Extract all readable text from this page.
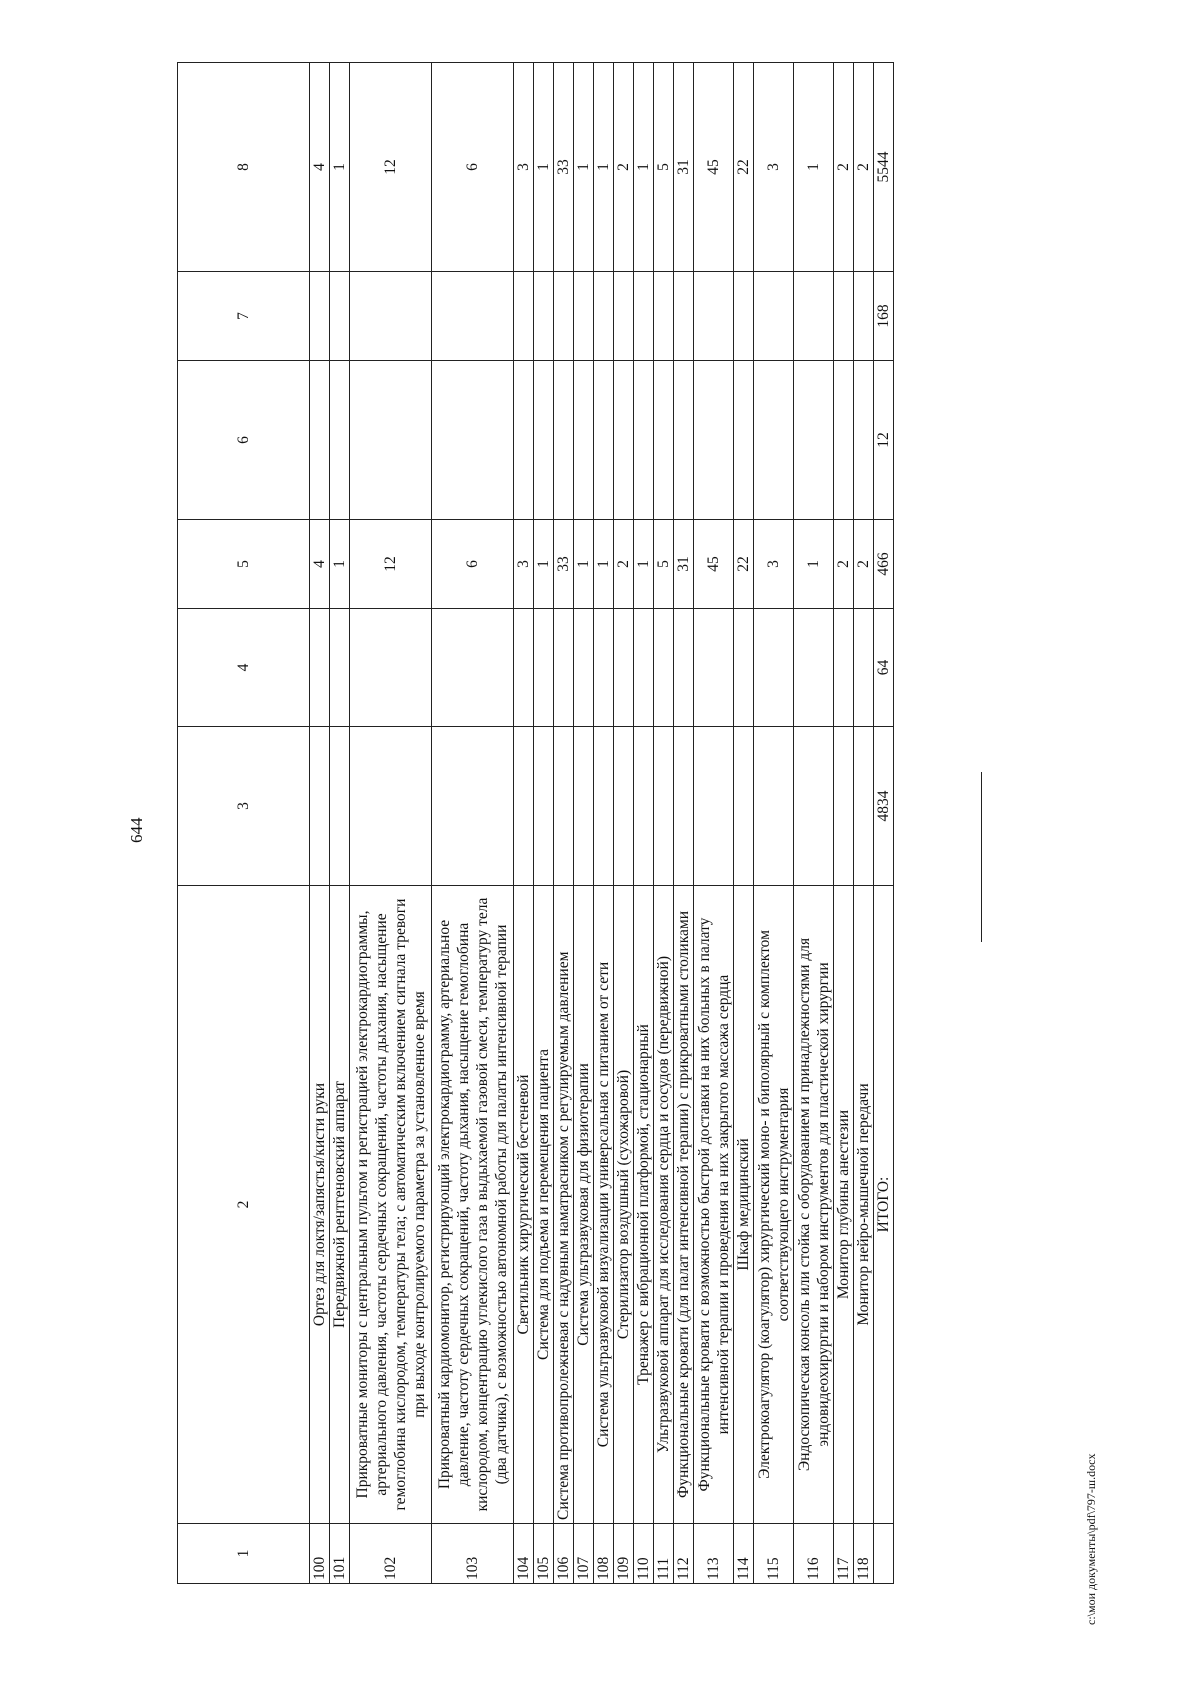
644
1	2	3	4	5	6	7	8
100	Ортез для локтя/запястья/кисти руки			4			4
101	Передвижной рентгеновский аппарат			1			1
102	Прикроватные мониторы с центральным пультом и регистрацией электрокардиограммы, артериального давления, частоты сердечных сокращений, частоты дыхания, насыщение гемоглобина кислородом, температуры тела; с автоматическим включением сигнала тревоги при выходе контролируемого параметра за установленное время			12			12
103	Прикроватный кардиомонитор, регистрирующий электрокардиограмму, артериальное давление, частоту сердечных сокращений, частоту дыхания, насыщение гемоглобина кислородом, концентрацию углекислого газа в выдыхаемой газовой смеси, температуру тела (два датчика), с возможностью автономной работы для палаты интенсивной терапии			6			6
104	Светильник хирургический бестеневой			3			3
105	Система для подъема и перемещения пациента			1			1
106	Система противопролежневая с надувным наматрасником с регулируемым давлением			33			33
107	Система ультразвуковая для физиотерапии			1			1
108	Система ультразвуковой визуализации универсальная с питанием от сети			1			1
109	Стерилизатор воздушный (сухожаровой)			2			2
110	Тренажер с вибрационной платформой, стационарный			1			1
111	Ультразвуковой аппарат для исследования сердца и сосудов (передвижной)			5			5
112	Функциональные кровати (для палат интенсивной терапии) с прикроватными столиками			31			31
113	Функциональные кровати с возможностью быстрой доставки на них больных в палату интенсивной терапии и проведения на них закрытого массажа сердца			45			45
114	Шкаф медицинский			22			22
115	Электрокоагулятор (коагулятор) хирургический моно- и биполярный с комплектом соответствующего инструментария			3			3
116	Эндоскопическая консоль или стойка с оборудованием и принадлежностями для эндовидеохирургии и набором инструментов для пластической хирургии			1			1
117	Монитор глубины анестезии			2			2
118	Монитор нейро-мышечной передачи			2			2
	ИТОГО:	4834	64	466	12	168	5544
c:\мои документы\pdf\797-ш.docx
